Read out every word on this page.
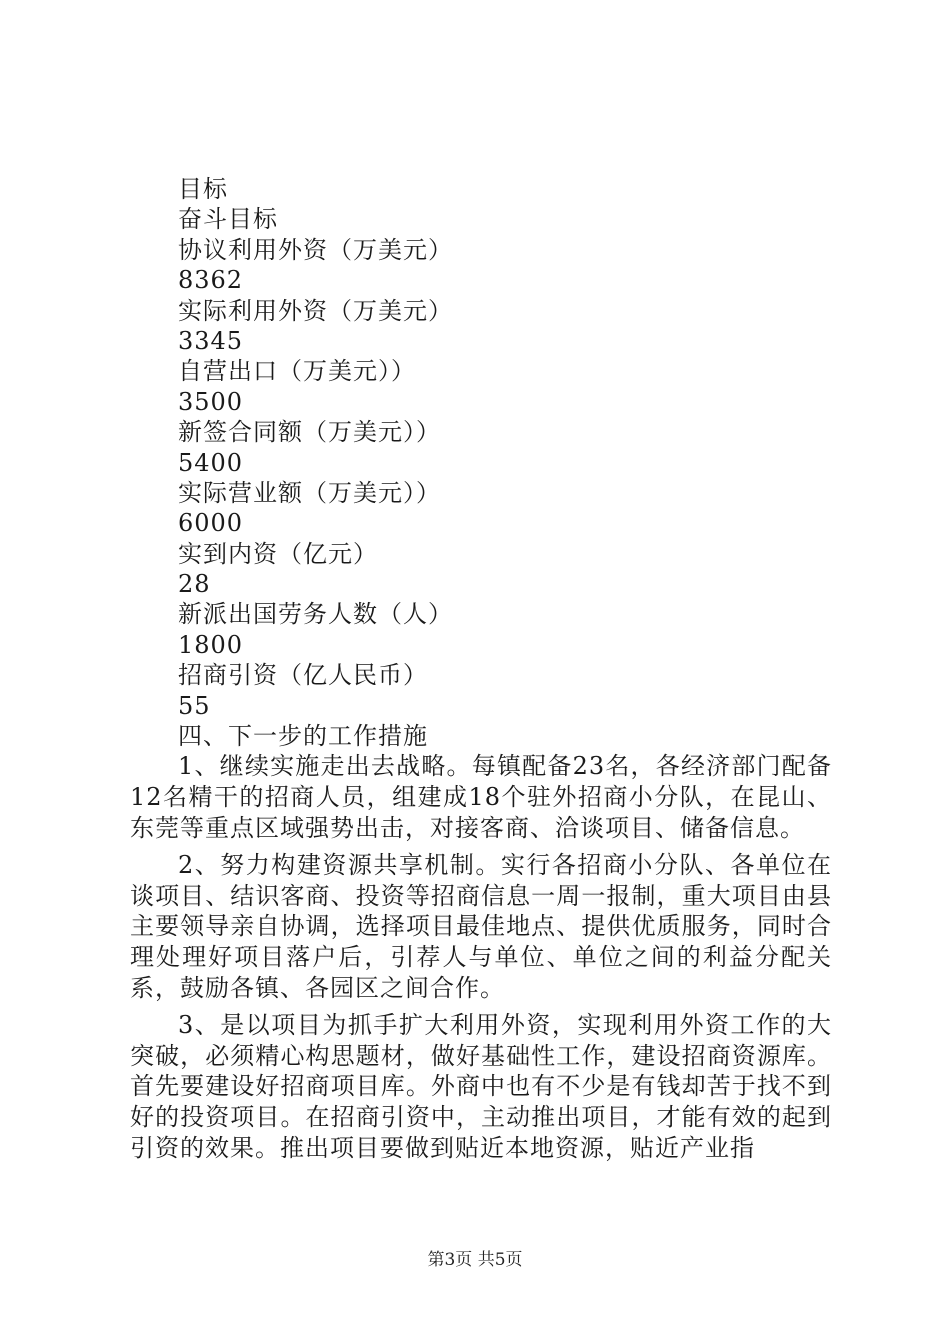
目标

奋斗目标

协议利用外资（万美元）

8362

实际利用外资（万美元）

3345

自营出口（万美元））

3500

新签合同额（万美元））

5400

实际营业额（万美元））

6000

实到内资（亿元）

28

新派出国劳务人数（人）

1800

招商引资（亿人民币）

55

四、下一步的工作措施

1、继续实施走出去战略。每镇配备23名，各经济部门配备12名精干的招商人员，组建成18个驻外招商小分队，在昆山、东莞等重点区域强势出击，对接客商、洽谈项目、储备信息。

2、努力构建资源共享机制。实行各招商小分队、各单位在谈项目、结识客商、投资等招商信息一周一报制，重大项目由县主要领导亲自协调，选择项目最佳地点、提供优质服务，同时合理处理好项目落户后，引荐人与单位、单位之间的利益分配关系，鼓励各镇、各园区之间合作。

3、是以项目为抓手扩大利用外资，实现利用外资工作的大突破，必须精心构思题材，做好基础性工作，建设招商资源库。首先要建设好招商项目库。外商中也有不少是有钱却苦于找不到好的投资项目。在招商引资中，主动推出项目，才能有效的起到引资的效果。推出项目要做到贴近本地资源，贴近产业指

第3页 共5页
